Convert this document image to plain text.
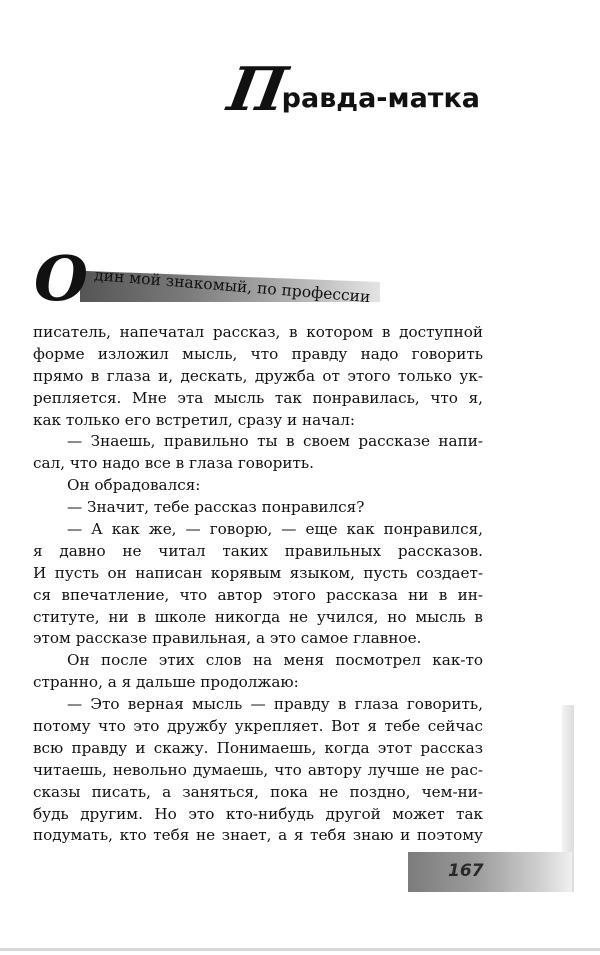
П
равда-матка
О дин мой знакомый, по профессии
писатель, напечатал рассказ, в котором в доступной
форме изложил мысль, что правду надо говорить
прямо в глаза и, дескать, дружба от этого только ук-
репляется. Мне эта мысль так понравилась, что я,
как только его встретил, сразу и начал:
— Знаешь, правильно ты в своем рассказе напи-
сал, что надо все в глаза говорить.
Он обрадовался:
— Значит, тебе рассказ понравился?
— А как же, — говорю, — еще как понравился,
я давно не читал таких правильных рассказов.
И пусть он написан корявым языком, пусть создает-
ся впечатление, что автор этого рассказа ни в ин-
ституте, ни в школе никогда не учился, но мысль в
этом рассказе правильная, а это самое главное.
Он после этих слов на меня посмотрел как-то
странно, а я дальше продолжаю:
— Это верная мысль — правду в глаза говорить,
потому что это дружбу укрепляет. Вот я тебе сейчас
всю правду и скажу. Понимаешь, когда этот рассказ
читаешь, невольно думаешь, что автору лучше не рас-
сказы писать, а заняться, пока не поздно, чем-ни-
будь другим. Но это кто-нибудь другой может так
подумать, кто тебя не знает, а я тебя знаю и поэтому
167
